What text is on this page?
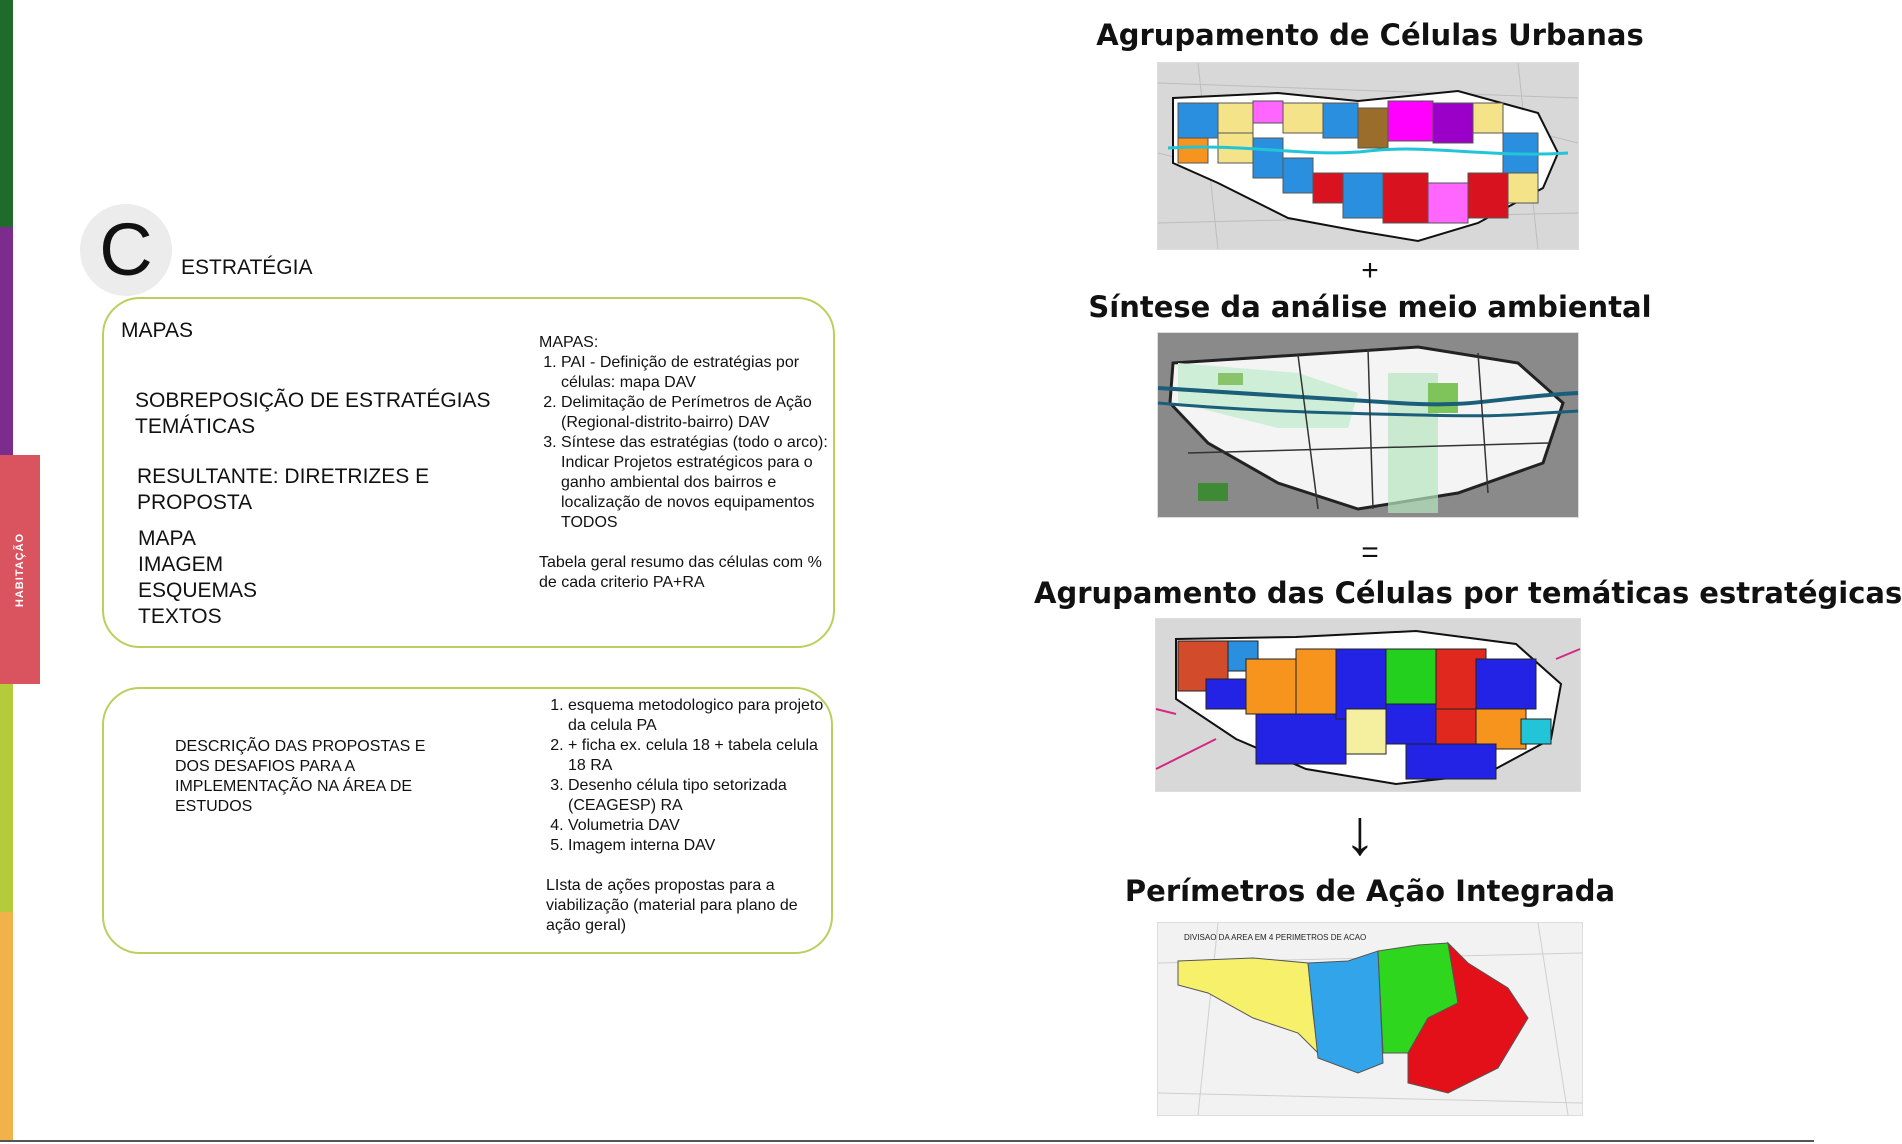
HABITAÇÃO
C	ESTRATÉGIA
MAPAS
SOBREPOSIÇÃO DE ESTRATÉGIAS
TEMÁTICAS
RESULTANTE: DIRETRIZES E
PROPOSTA
MAPA
IMAGEM
ESQUEMAS
TEXTOS
MAPAS:
1. PAI - Definição de estratégias por células: mapa DAV
2. Delimitação de Perímetros de Ação (Regional-distrito-bairro) DAV
3. Síntese das estratégias (todo o arco): Indicar Projetos estratégicos para o ganho ambiental dos bairros e localização de novos equipamentos TODOS
Tabela geral resumo das células com % de cada criterio PA+RA
DESCRIÇÃO DAS PROPOSTAS E DOS DESAFIOS PARA A IMPLEMENTAÇÃO NA ÁREA DE ESTUDOS
1. esquema metodologico para projeto da celula PA
2. + ficha ex. celula 18 + tabela celula 18 RA
3. Desenho célula tipo setorizada (CEAGESP) RA
4. Volumetria DAV
5. Imagem interna DAV
LIsta de ações propostas para a viabilização (material para plano de ação geral)
Agrupamento de Células Urbanas
+
Síntese da análise meio ambiental
=
Agrupamento das Células por temáticas estratégicas
↓
Perímetros de Ação Integrada
DIVISAO DA AREA EM 4 PERIMETROS DE ACAO
